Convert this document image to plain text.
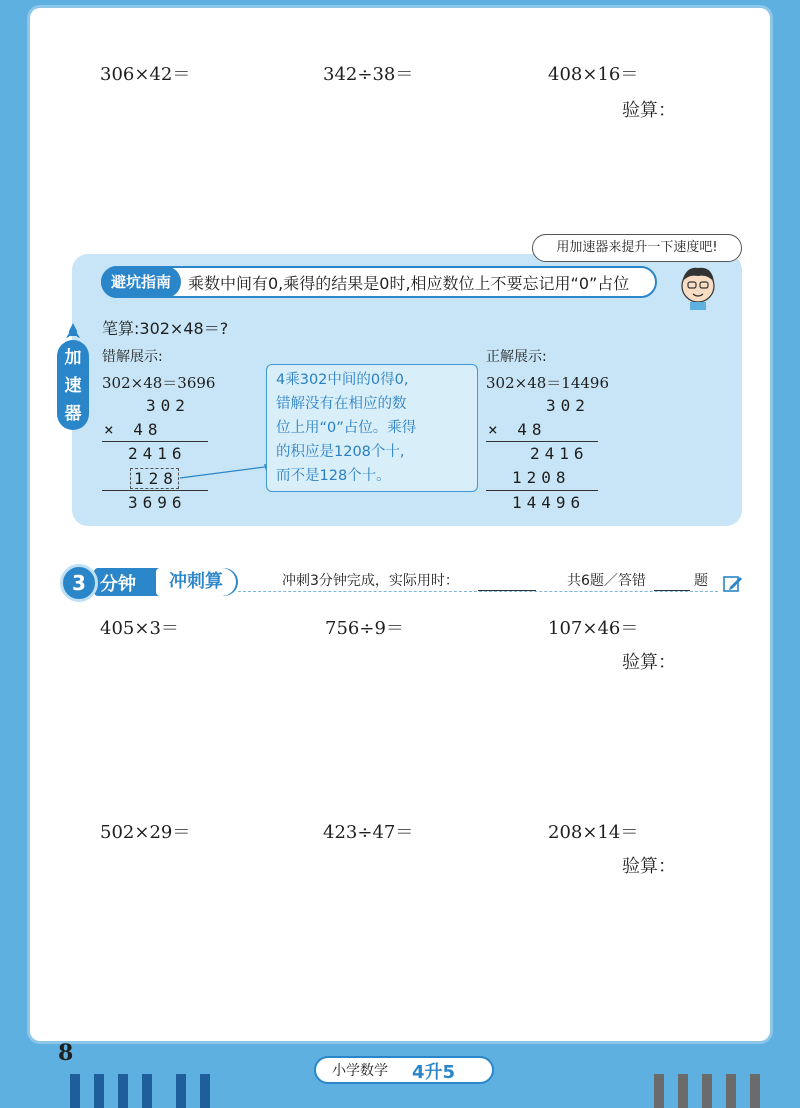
306×42＝	342÷38＝	408×16＝
验算：
用加速器来提升一下速度吧!
避坑指南	乘数中间有0,乘得的结果是0时,相应数位上不要忘记用“0”占位
加
速
器
笔算:302×48＝?
错解展示:
302×48＝3696
302
× 48
2416
128
3696
4乘302中间的0得0,
错解没有在相应的数
位上用“0”占位。乘得
的积应是1208个十,
而不是128个十。
正解展示:
302×48＝14496
302
× 48
2416
1208
14496
3 分钟	冲刺算	冲刺3分钟完成，实际用时：	共6题／答错	题
405×3＝	756÷9＝	107×46＝
验算：
502×29＝	423÷47＝	208×14＝
验算：
8
小学数学 4升5
